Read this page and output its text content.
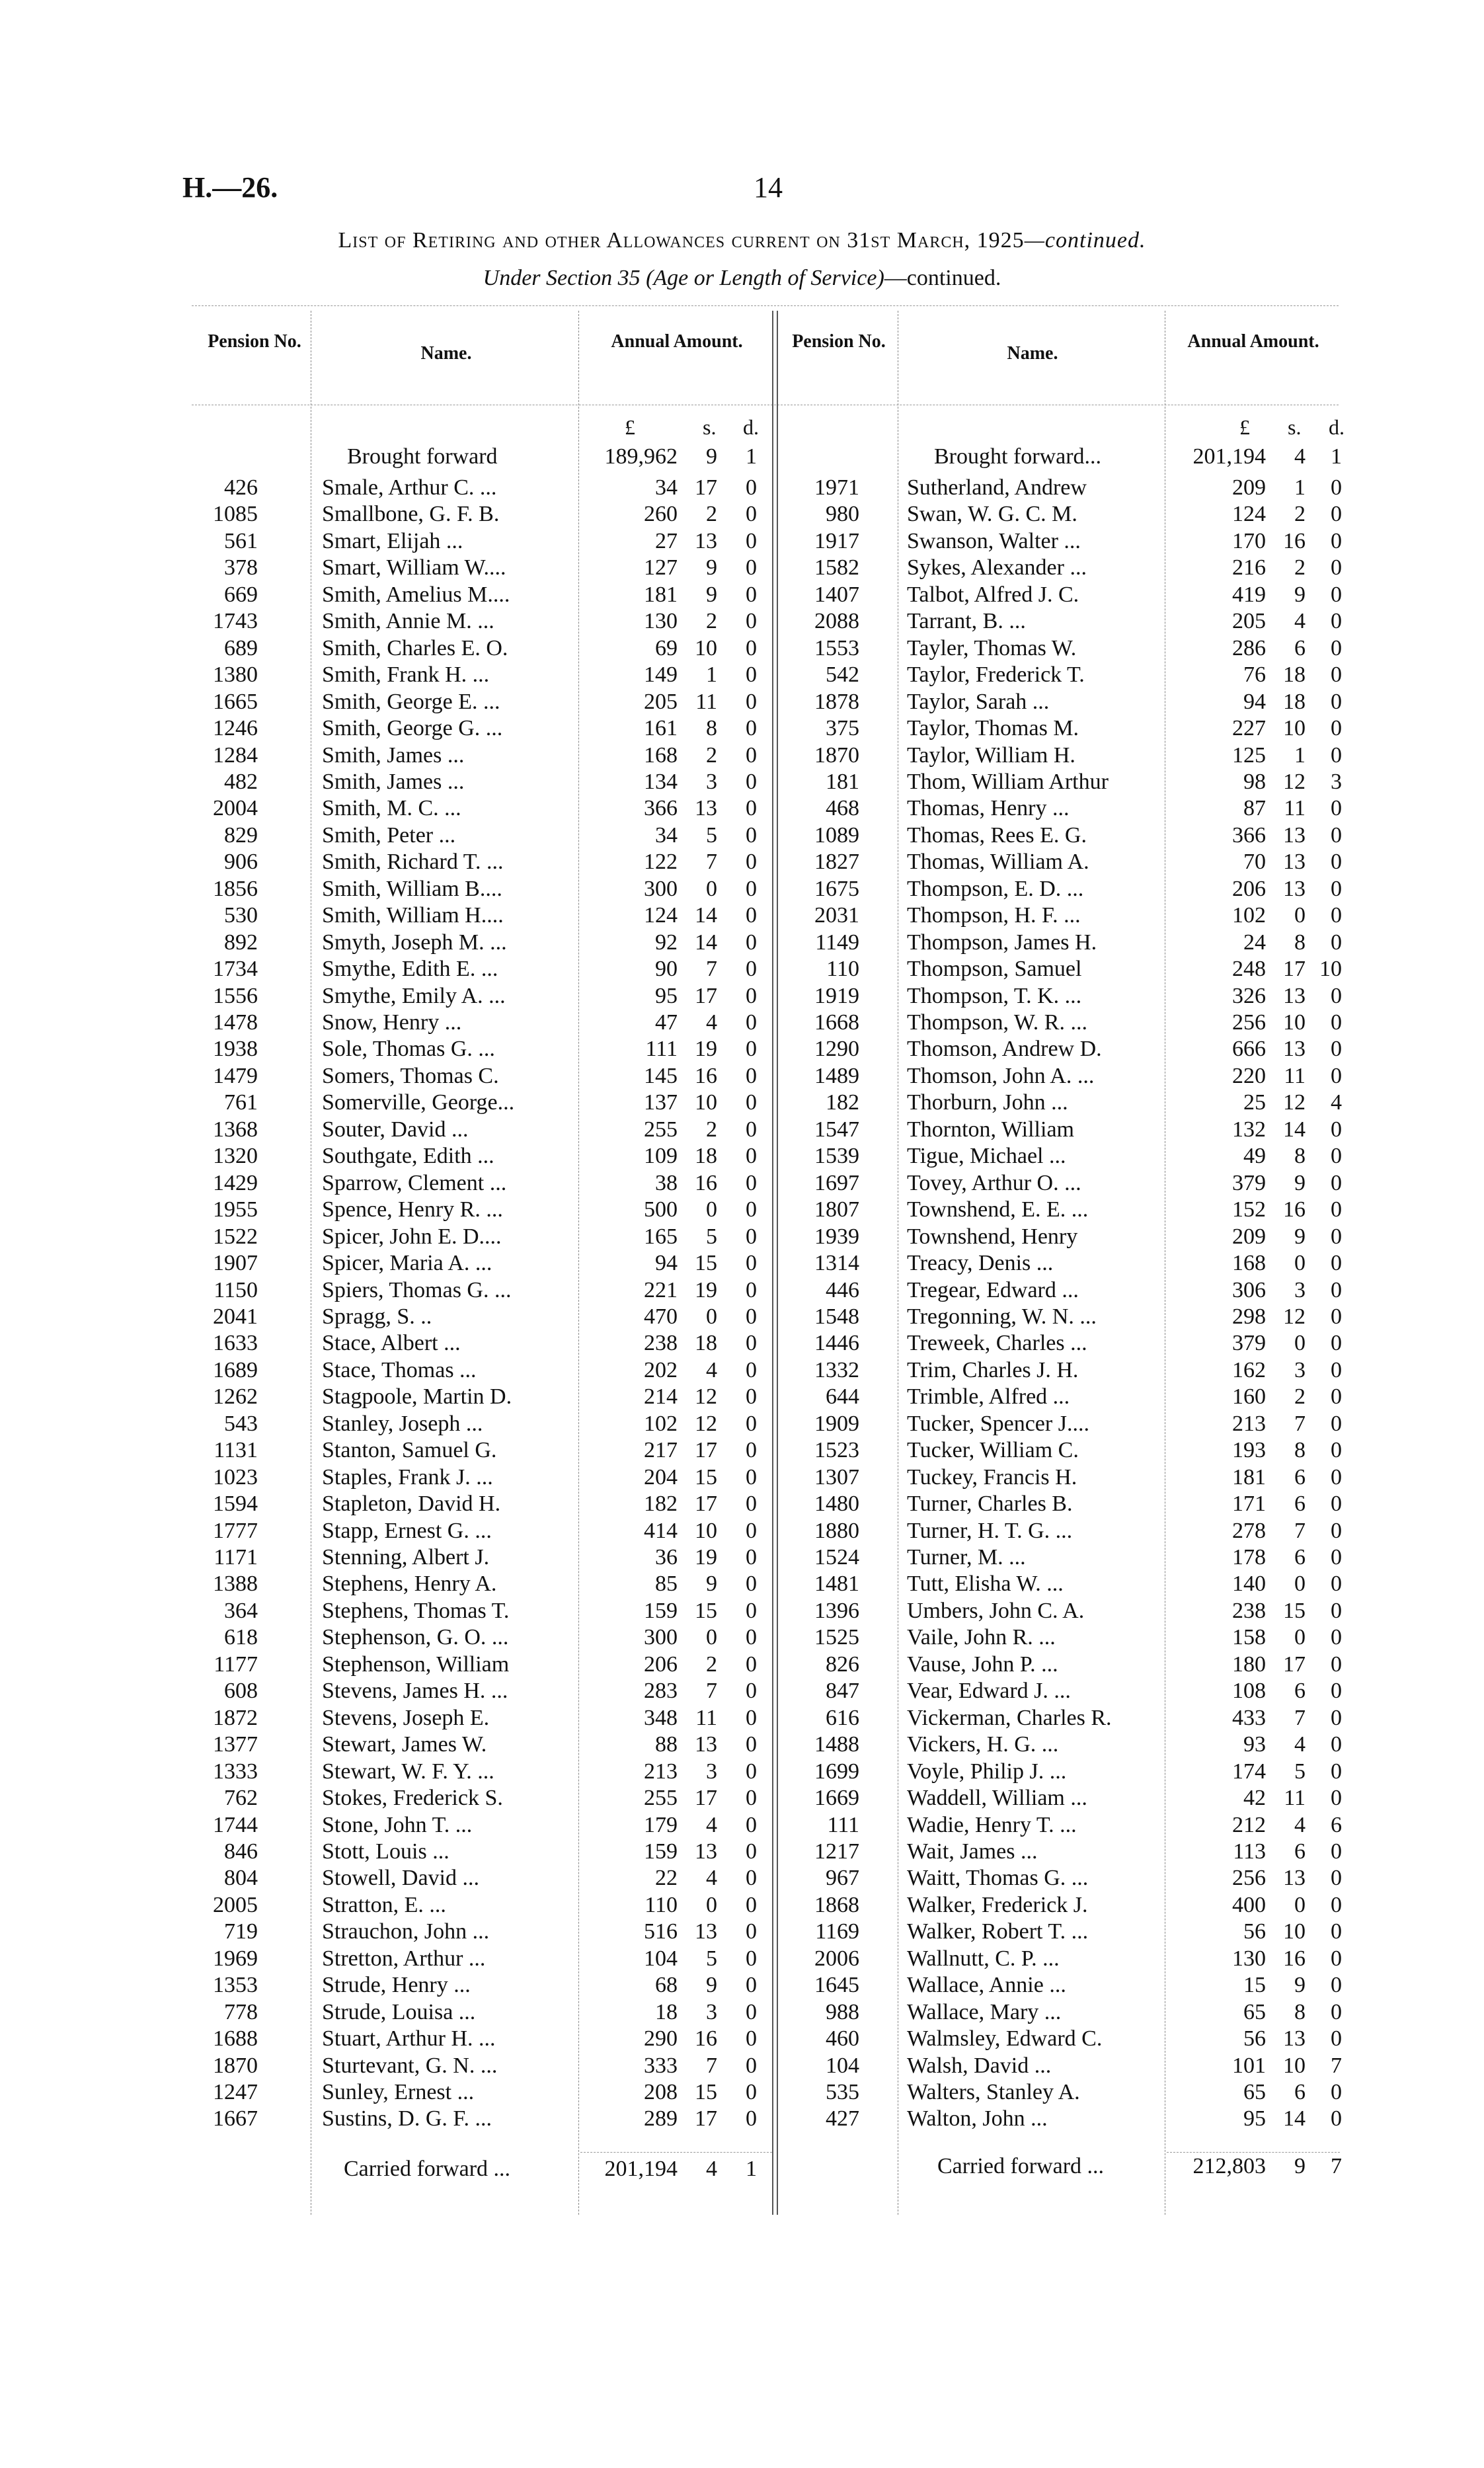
H.—26.	14
List of Retiring and other Allowances current on 31st March, 1925—continued.
Under Section 35 (Age or Length of Service)—continued.
Pension No.
Name.
Annual Amount.	Pension No.
Name.
Annual Amount.
£	s. d.	£ s. d.
Brought forward	189,962	9	1	Brought forward...	201,194	4	1
426	Smale, Arthur C. ...	34 17	0
1085	Smallbone, G. F. B.	260	2	0
561	Smart, Elijah ...	27 13	0
378	Smart, William W....	127	9	0
669	Smith, Amelius M....	181	9	0
1743	Smith, Annie M. ...	130	2	0
689	Smith, Charles E. O.	69 10	0
1380	Smith, Frank H. ...	149	1	0
1665	Smith, George E. ...	205 11	0
1246	Smith, George G. ...	161	8	0
1284	Smith, James ...	168	2	0
482	Smith, James ...	134	3	0
2004	Smith, M. C. ...	366 13	0
829	Smith, Peter ...	34	5	0
906	Smith, Richard T. ...	122	7	0
1856	Smith, William B....	300	0	0
530	Smith, William H....	124 14	0
892	Smyth, Joseph M. ...	92 14	0
1734	Smythe, Edith E. ...	90	7	0
1556	Smythe, Emily A. ...	95 17	0
1478	Snow, Henry ...	47	4	0
1938	Sole, Thomas G. ...	111 19	0
1479	Somers, Thomas C.	145 16	0
761	Somerville, George...	137 10	0
1368	Souter, David ...	255	2	0
1320	Southgate, Edith ...	109 18	0
1429	Sparrow, Clement ...	38 16	0
1955	Spence, Henry R. ...	500	0	0
1522	Spicer, John E. D....	165	5	0
1907	Spicer, Maria A. ...	94 15	0
1150	Spiers, Thomas G. ...	221 19	0
2041	Spragg, S. ..	470	0	0
1633	Stace, Albert ...	238 18	0
1689	Stace, Thomas ...	202	4	0
1262	Stagpoole, Martin D.	214 12	0
543	Stanley, Joseph ...	102 12	0
1131	Stanton, Samuel G.	217 17	0
1023	Staples, Frank J. ...	204 15	0
1594	Stapleton, David H.	182 17	0
1777	Stapp, Ernest G. ...	414 10	0
1171	Stenning, Albert J.	36 19	0
1388	Stephens, Henry A.	85	9	0
364	Stephens, Thomas T.	159 15	0
618	Stephenson, G. O. ...	300	0	0
1177	Stephenson, William	206	2	0
608	Stevens, James H. ...	283	7	0
1872	Stevens, Joseph E.	348 11	0
1377	Stewart, James W.	88 13	0
1333	Stewart, W. F. Y. ...	213	3	0
762	Stokes, Frederick S.	255 17	0
1744	Stone, John T. ...	179	4	0
846	Stott, Louis ...	159 13	0
804	Stowell, David ...	22	4	0
2005	Stratton, E. ...	110	0	0
719	Strauchon, John ...	516 13	0
1969	Stretton, Arthur ...	104	5	0
1353	Strude, Henry ...	68	9	0
778	Strude, Louisa ...	18	3	0
1688	Stuart, Arthur H. ...	290 16	0
1870	Sturtevant, G. N. ...	333	7	0
1247	Sunley, Ernest ...	208 15	0
1667	Sustins, D. G. F. ...	289 17	0
1971 Sutherland, Andrew	209	1	0
980 Swan, W. G. C. M.	124	2	0
1917 Swanson, Walter ...	170 16	0
1582 Sykes, Alexander ...	216	2	0
1407 Talbot, Alfred J. C.	419	9	0
2088 Tarrant, B. ...	205	4	0
1553 Tayler, Thomas W.	286	6	0
542 Taylor, Frederick T.	76 18	0
1878 Taylor, Sarah ...	94 18	0
375 Taylor, Thomas M.	227 10	0
1870 Taylor, William H.	125	1	0
181 Thom, William Arthur	98 12	3
468 Thomas, Henry ...	87 11	0
1089 Thomas, Rees E. G.	366 13	0
1827 Thomas, William A.	70 13	0
1675 Thompson, E. D. ...	206 13	0
2031 Thompson, H. F. ...	102	0	0
1149 Thompson, James H.	24	8	0
110 Thompson, Samuel	248 17 10
1919 Thompson, T. K. ...	326 13	0
1668 Thompson, W. R. ...	256 10	0
1290 Thomson, Andrew D.	666 13	0
1489 Thomson, John A. ...	220 11	0
182 Thorburn, John ...	25 12	4
1547 Thornton, William	132 14	0
1539 Tigue, Michael ...	49	8	0
1697 Tovey, Arthur O. ...	379	9	0
1807 Townshend, E. E. ...	152 16	0
1939 Townshend, Henry	209	9	0
1314 Treacy, Denis ...	168	0	0
446 Tregear, Edward ...	306	3	0
1548 Tregonning, W. N. ...	298 12	0
1446 Treweek, Charles ...	379	0	0
1332 Trim, Charles J. H.	162	3	0
644 Trimble, Alfred ...	160	2	0
1909 Tucker, Spencer J....	213	7	0
1523 Tucker, William C.	193	8	0
1307 Tuckey, Francis H.	181	6	0
1480 Turner, Charles B.	171	6	0
1880 Turner, H. T. G. ...	278	7	0
1524 Turner, M. ...	178	6	0
1481 Tutt, Elisha W. ...	140	0	0
1396 Umbers, John C. A.	238 15	0
1525 Vaile, John R. ...	158	0	0
826 Vause, John P. ...	180 17	0
847 Vear, Edward J. ...	108	6	0
616 Vickerman, Charles R.	433	7	0
1488 Vickers, H. G. ...	93	4	0
1699 Voyle, Philip J. ...	174	5	0
1669 Waddell, William ...	42 11	0
111 Wadie, Henry T. ...	212	4	6
1217 Wait, James ...	113	6	0
967 Waitt, Thomas G. ...	256 13	0
1868 Walker, Frederick J.	400	0	0
1169 Walker, Robert T. ...	56 10	0
2006 Wallnutt, C. P. ...	130 16	0
1645 Wallace, Annie ...	15	9	0
988 Wallace, Mary ...	65	8	0
460 Walmsley, Edward C.	56 13	0
104 Walsh, David ...	101 10	7
535 Walters, Stanley A.	65	6	0
427 Walton, John ...	95 14	0
Carried forward ...	201,194	4	1	Carried forward ...	212,803	9	7
